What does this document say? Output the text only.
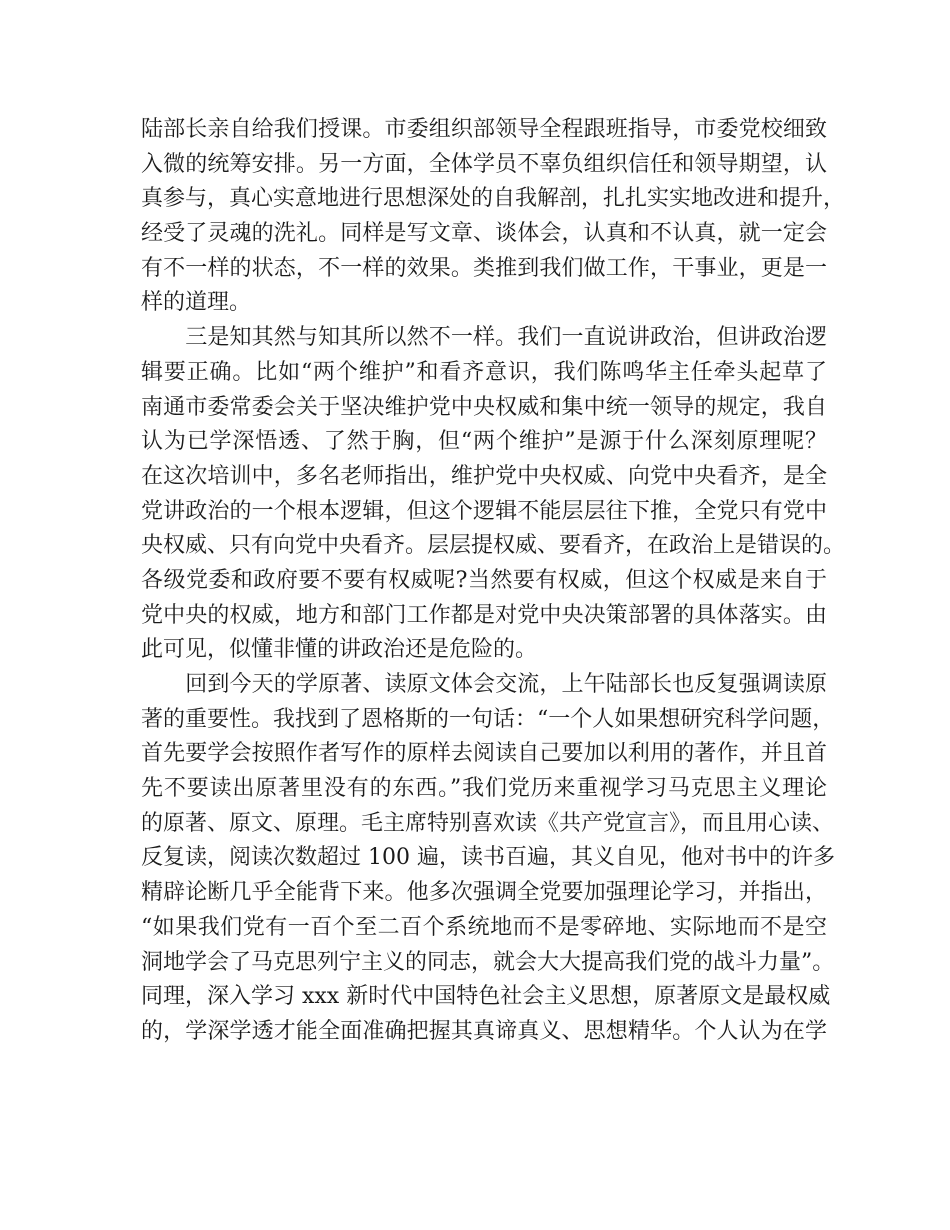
陆部长亲自给我们授课。市委组织部领导全程跟班指导，市委党校细致
入微的统筹安排。另一方面，全体学员不辜负组织信任和领导期望，认
真参与，真心实意地进行思想深处的自我解剖，扎扎实实地改进和提升，
经受了灵魂的洗礼。同样是写文章、谈体会，认真和不认真，就一定会
有不一样的状态，不一样的效果。类推到我们做工作，干事业，更是一
样的道理。
　　三是知其然与知其所以然不一样。我们一直说讲政治，但讲政治逻
辑要正确。比如“两个维护”和看齐意识，我们陈鸣华主任牵头起草了
南通市委常委会关于坚决维护党中央权威和集中统一领导的规定，我自
认为已学深悟透、了然于胸，但“两个维护”是源于什么深刻原理呢？
在这次培训中，多名老师指出，维护党中央权威、向党中央看齐，是全
党讲政治的一个根本逻辑，但这个逻辑不能层层往下推，全党只有党中
央权威、只有向党中央看齐。层层提权威、要看齐，在政治上是错误的。
各级党委和政府要不要有权威呢?当然要有权威，但这个权威是来自于
党中央的权威，地方和部门工作都是对党中央决策部署的具体落实。由
此可见，似懂非懂的讲政治还是危险的。
　　回到今天的学原著、读原文体会交流，上午陆部长也反复强调读原
著的重要性。我找到了恩格斯的一句话：“一个人如果想研究科学问题，
首先要学会按照作者写作的原样去阅读自己要加以利用的著作，并且首
先不要读出原著里没有的东西。”我们党历来重视学习马克思主义理论
的原著、原文、原理。毛主席特别喜欢读《共产党宣言》，而且用心读、
反复读，阅读次数超过 100 遍，读书百遍，其义自见，他对书中的许多
精辟论断几乎全能背下来。他多次强调全党要加强理论学习，并指出，
“如果我们党有一百个至二百个系统地而不是零碎地、实际地而不是空
洞地学会了马克思列宁主义的同志，就会大大提高我们党的战斗力量”。
同理，深入学习 xxx 新时代中国特色社会主义思想，原著原文是最权威
的，学深学透才能全面准确把握其真谛真义、思想精华。个人认为在学
